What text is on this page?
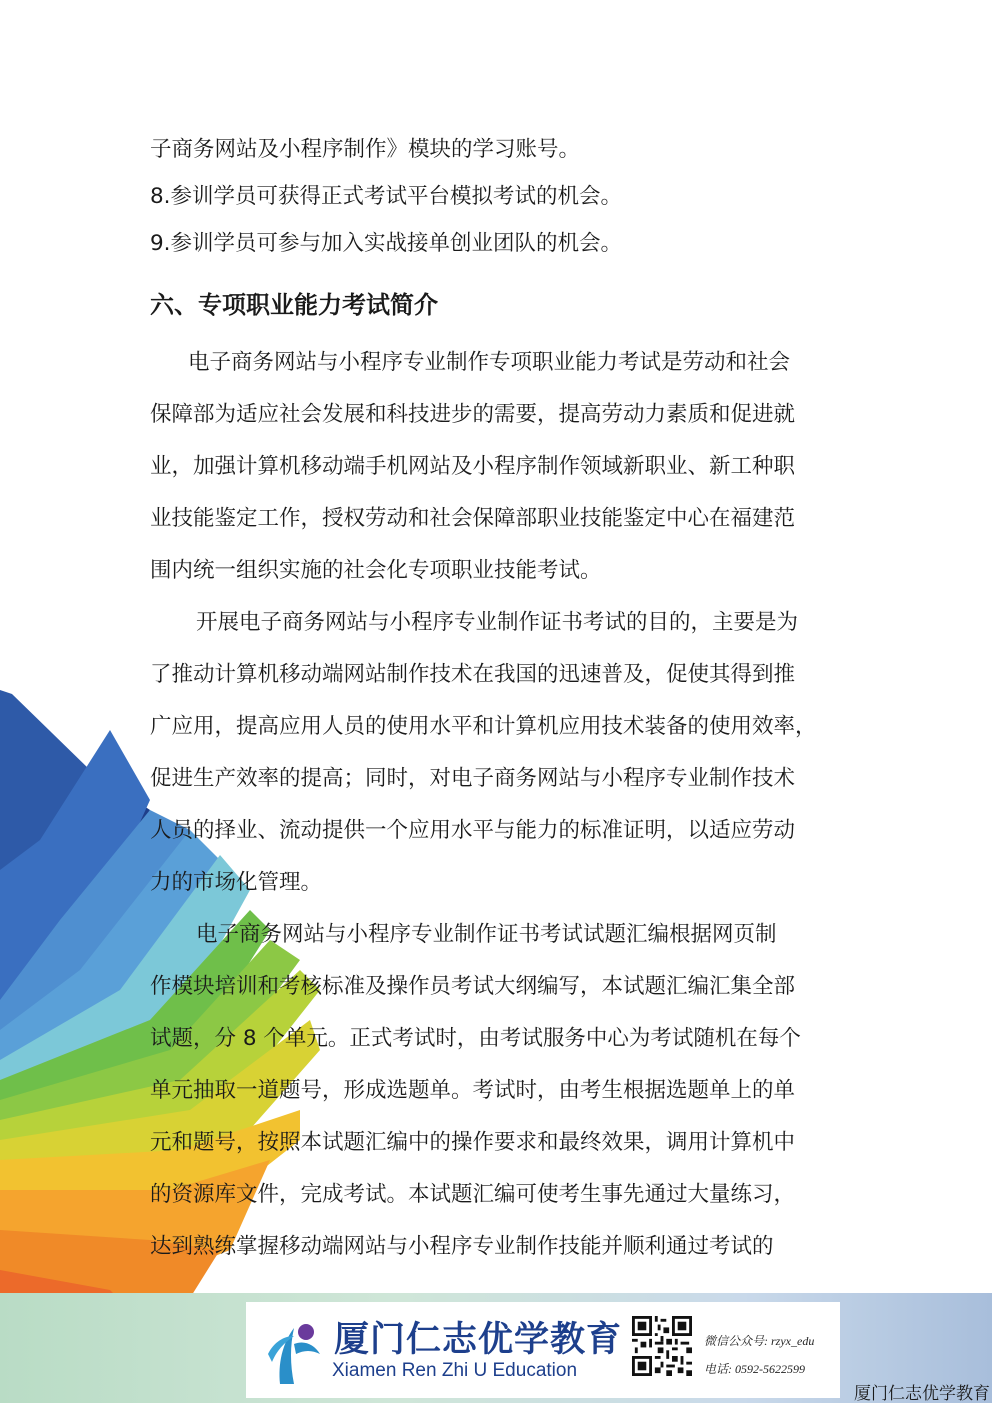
子商务网站及小程序制作》模块的学习账号。

8.参训学员可获得正式考试平台模拟考试的机会。

9.参训学员可参与加入实战接单创业团队的机会。

六、专项职业能力考试简介

电子商务网站与小程序专业制作专项职业能力考试是劳动和社会

保障部为适应社会发展和科技进步的需要，提高劳动力素质和促进就

业，加强计算机移动端手机网站及小程序制作领域新职业、新工种职

业技能鉴定工作，授权劳动和社会保障部职业技能鉴定中心在福建范

围内统一组织实施的社会化专项职业技能考试。

开展电子商务网站与小程序专业制作证书考试的目的，主要是为

了推动计算机移动端网站制作技术在我国的迅速普及，促使其得到推

广应用，提高应用人员的使用水平和计算机应用技术装备的使用效率，

促进生产效率的提高；同时，对电子商务网站与小程序专业制作技术

人员的择业、流动提供一个应用水平与能力的标准证明，以适应劳动

力的市场化管理。

电子商务网站与小程序专业制作证书考试试题汇编根据网页制

作模块培训和考核标准及操作员考试大纲编写，本试题汇编汇集全部

试题，分 8 个单元。正式考试时，由考试服务中心为考试随机在每个

单元抽取一道题号，形成选题单。考试时，由考生根据选题单上的单

元和题号，按照本试题汇编中的操作要求和最终效果，调用计算机中

的资源库文件，完成考试。本试题汇编可使考生事先通过大量练习，

达到熟练掌握移动端网站与小程序专业制作技能并顺利通过考试的

厦门仁志优学教育
Xiamen Ren Zhi U Education
微信公众号: rzyx_edu
电话: 0592-5622599
厦门仁志优学教育
